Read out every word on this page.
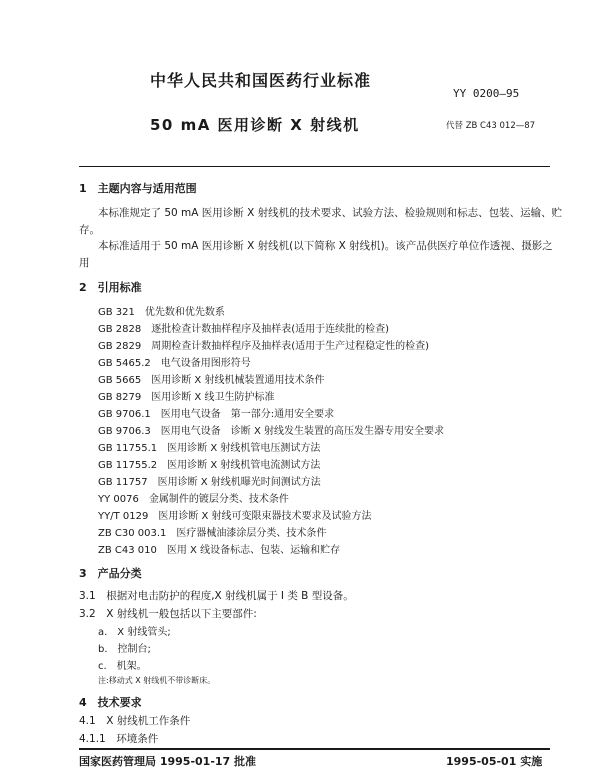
中华人民共和国医药行业标准
YY 0200—95
50 mA 医用诊断 X 射线机	代替 ZB C43 012—87
1　主题内容与适用范围
本标准规定了 50 mA 医用诊断 X 射线机的技术要求、试验方法、检验规则和标志、包装、运输、贮
存。
本标准适用于 50 mA 医用诊断 X 射线机(以下简称 X 射线机)。该产品供医疗单位作透视、摄影之
用
2　引用标准
GB 321　优先数和优先数系
GB 2828　逐批检查计数抽样程序及抽样表(适用于连续批的检查)
GB 2829　周期检查计数抽样程序及抽样表(适用于生产过程稳定性的检查)
GB 5465.2　电气设备用图形符号
GB 5665　医用诊断 X 射线机械装置通用技术条件
GB 8279　医用诊断 X 线卫生防护标准
GB 9706.1　医用电气设备　第一部分:通用安全要求
GB 9706.3　医用电气设备　诊断 X 射线发生装置的高压发生器专用安全要求
GB 11755.1　医用诊断 X 射线机管电压测试方法
GB 11755.2　医用诊断 X 射线机管电流测试方法
GB 11757　医用诊断 X 射线机曝光时间测试方法
YY 0076　金属制件的镀层分类、技术条件
YY/T 0129　医用诊断 X 射线可变限束器技术要求及试验方法
ZB C30 003.1　医疗器械油漆涂层分类、技术条件
ZB C43 010　医用 X 线设备标志、包装、运输和贮存
3　产品分类
3.1　根据对电击防护的程度,X 射线机属于 I 类 B 型设备。
3.2　X 射线机一般包括以下主要部件:
a.　X 射线管头;
b.　控制台;
c.　机架。
注:移动式 X 射线机不带诊断床。
4　技术要求
4.1　X 射线机工作条件
4.1.1　环境条件
国家医药管理局 1995-01-17 批准	1995-05-01 实施
